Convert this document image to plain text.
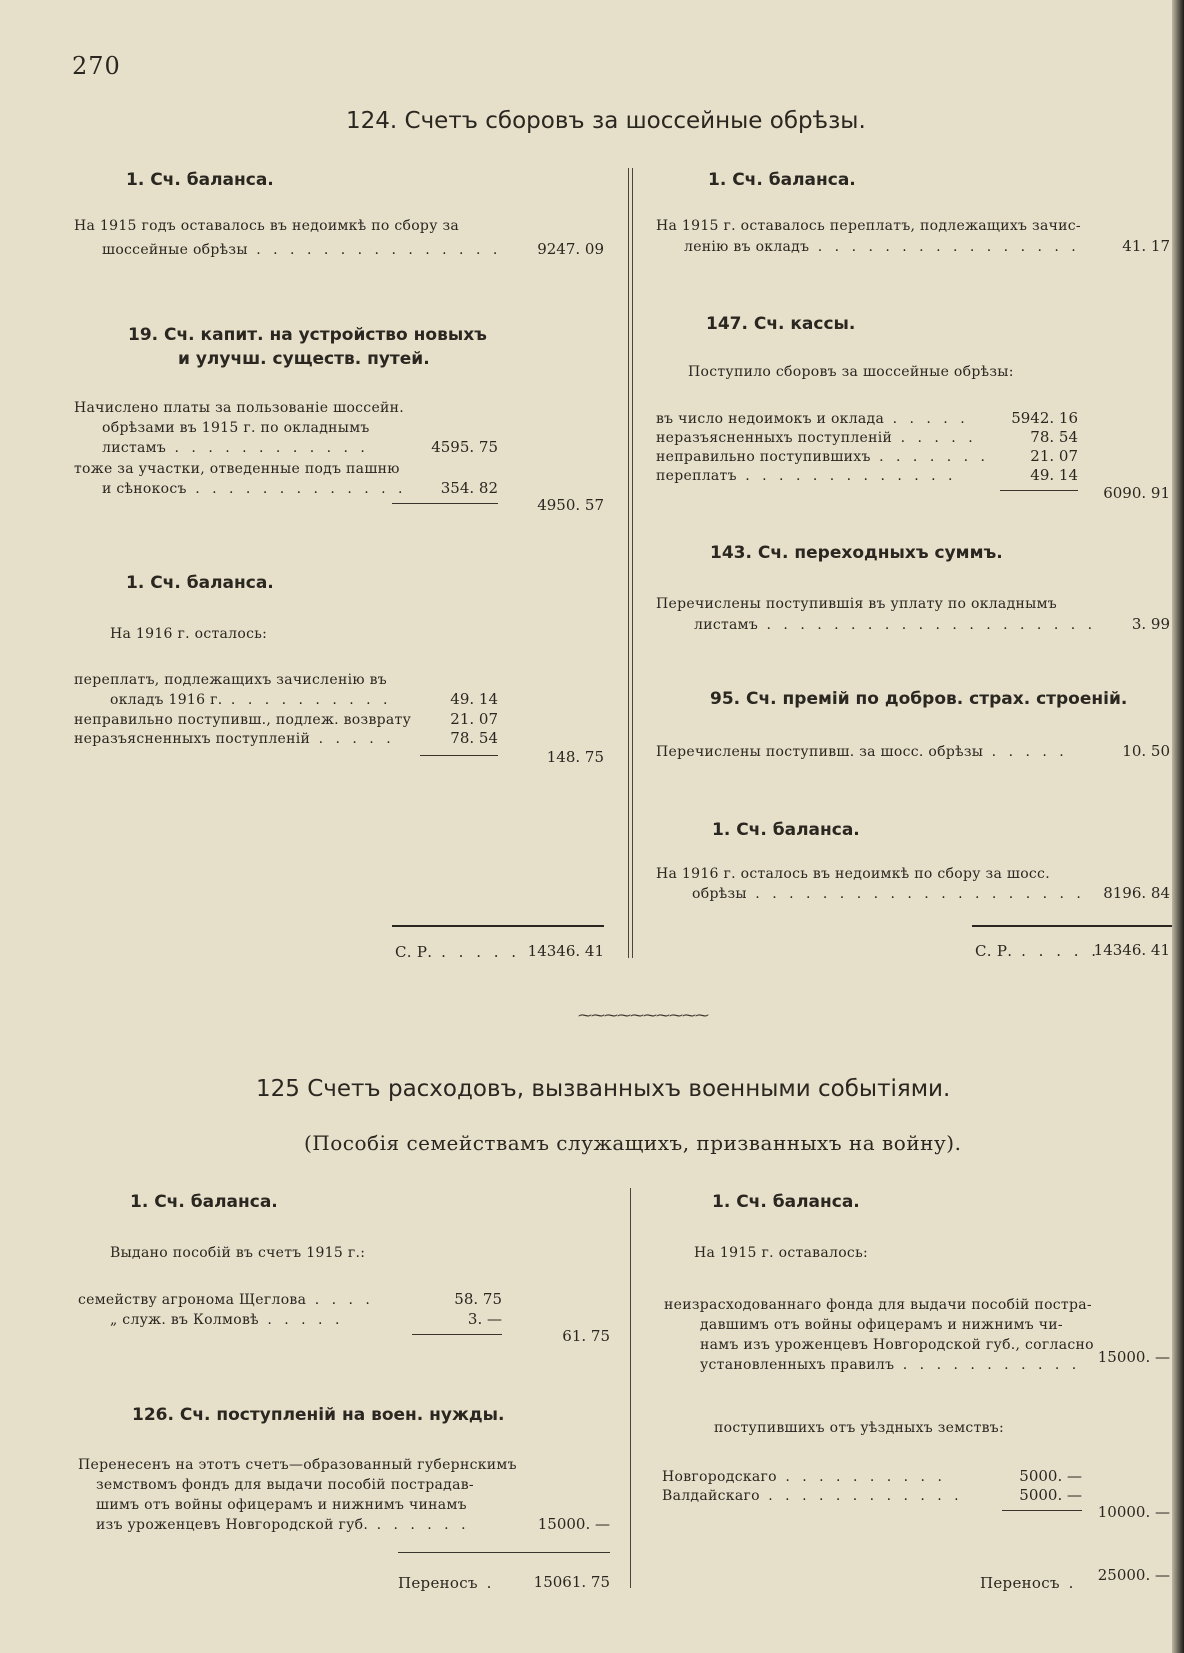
270
124. Счетъ сборовъ за шоссейные обрѣзы.
1. Сч. баланса.
На 1915 годъ оставалось въ недоимкѣ по сбору за
шоссейные обрѣзы . . . . . . . . . . . . . . .	9247. 09
19. Сч. капит. на устройство новыхъ
и улучш. существ. путей.
Начислено платы за пользованіе шоссейн.
обрѣзами въ 1915 г. по окладнымъ
листамъ . . . . . . . . . . . .	4595. 75
тоже за участки, отведенные подъ пашню
и сѣнокосъ . . . . . . . . . . . . .	354. 82
4950. 57
1. Сч. баланса.
На 1916 г. осталось:
переплатъ, подлежащихъ зачисленію въ
окладъ 1916 г. . . . . . . . . . .	49. 14
неправильно поступивш., подлеж. возврату	21. 07
неразъясненныхъ поступленій . . . . .	78. 54
148. 75
С. Р. . . . . . 14346. 41
1. Сч. баланса.
На 1915 г. оставалось переплатъ, подлежащихъ зачис-
ленію въ окладъ . . . . . . . . . . . . . . . .	41. 17
147. Сч. кассы.
Поступило сборовъ за шоссейные обрѣзы:
въ число недоимокъ и оклада . . . . .	5942. 16
неразъясненныхъ поступленій . . . . .	78. 54
неправильно поступившихъ . . . . . . .	21. 07
переплатъ . . . . . . . . . . . . .	49. 14
6090. 91
143. Сч. переходныхъ суммъ.
Перечислены поступившія въ уплату по окладнымъ
листамъ . . . . . . . . . . . . . . . . . . . .	3. 99
95. Сч. премій по добров. страх. строеній.
Перечислены поступивш. за шосс. обрѣзы . . . . .	10. 50
1. Сч. баланса.
На 1916 г. осталось въ недоимкѣ по сбору за шосс.
обрѣзы . . . . . . . . . . . . . . . . . . . .	8196. 84
С. Р. . . . . .
14346. 41
⁓⁓⁓⁓⁓⁓⁓⁓⁓⁓
125 Счетъ расходовъ, вызванныхъ военными событіями.
(Пособія семействамъ служащихъ, призванныхъ на войну).
1. Сч. баланса.
Выдано пособій въ счетъ 1915 г.:
семейству агронома Щеглова . . . .	58. 75
„ служ. въ Колмовѣ . . . . .	3. —
61. 75
126. Сч. поступленій на воен. нужды.
Перенесенъ на этотъ счетъ—образованный губернскимъ
земствомъ фондъ для выдачи пособій пострадав-
шимъ отъ войны офицерамъ и нижнимъ чинамъ
изъ уроженцевъ Новгородской губ. . . . . . .	15000. —
Переносъ .	15061. 75
1. Сч. баланса.
На 1915 г. оставалось:
неизрасходованнаго фонда для выдачи пособій постра-
давшимъ отъ войны офицерамъ и нижнимъ чи-
намъ изъ уроженцевъ Новгородской губ., согласно
установленныхъ правилъ . . . . . . . . . . .	15000. —
поступившихъ отъ уѣздныхъ земствъ:
Новгородскаго . . . . . . . . . .	5000. —
Валдайскаго . . . . . . . . . . . .	5000. —
10000. —
Переносъ .	25000. —
